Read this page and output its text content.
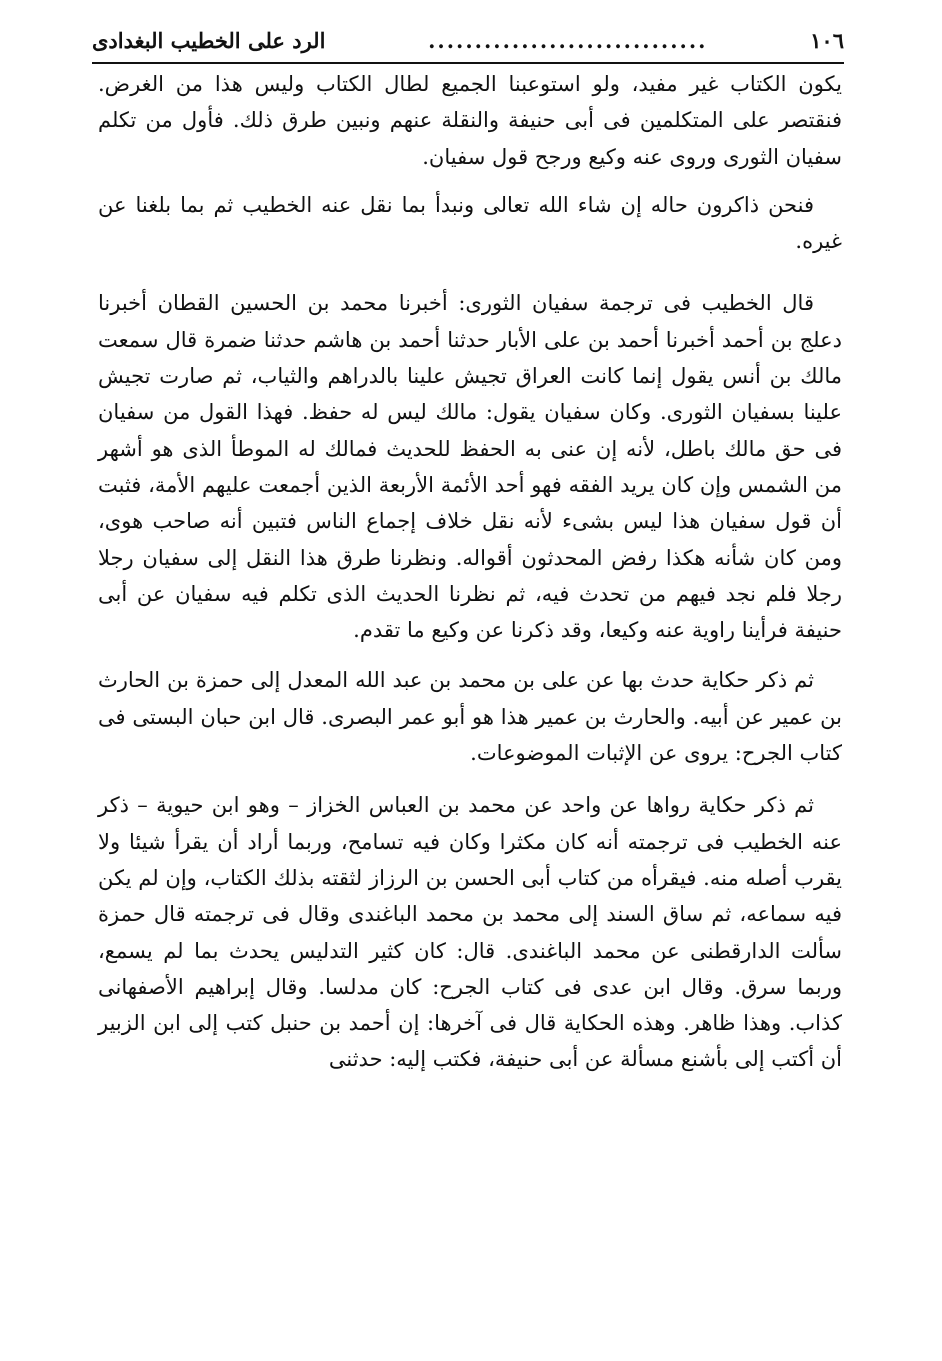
١٠٦
..............................
الرد على الخطيب البغدادى

يكون الكتاب غير مفيد، ولو استوعبنا الجميع لطال الكتاب وليس هذا من الغرض. فنقتصر على المتكلمين فى أبى حنيفة والنقلة عنهم ونبين طرق ذلك. فأول من تكلم سفيان الثورى وروى عنه وكيع ورجح قول سفيان.

فنحن ذاكرون حاله إن شاء الله تعالى ونبدأ بما نقل عنه الخطيب ثم بما بلغنا عن غيره.

قال الخطيب فى ترجمة سفيان الثورى: أخبرنا محمد بن الحسين القطان أخبرنا دعلج بن أحمد أخبرنا أحمد بن على الأبار حدثنا أحمد بن هاشم حدثنا ضمرة قال سمعت مالك بن أنس يقول إنما كانت العراق تجيش علينا بالدراهم والثياب، ثم صارت تجيش علينا بسفيان الثورى. وكان سفيان يقول: مالك ليس له حفظ. فهذا القول من سفيان فى حق مالك باطل، لأنه إن عنى به الحفظ للحديث فمالك له الموطأ الذى هو أشهر من الشمس وإن كان يريد الفقه فهو أحد الأئمة الأربعة الذين أجمعت عليهم الأمة، فثبت أن قول سفيان هذا ليس بشىء لأنه نقل خلاف إجماع الناس فتبين أنه صاحب هوى، ومن كان شأنه هكذا رفض المحدثون أقواله. ونظرنا طرق هذا النقل إلى سفيان رجلا رجلا فلم نجد فيهم من تحدث فيه، ثم نظرنا الحديث الذى تكلم فيه سفيان عن أبى حنيفة فرأينا راوية عنه وكيعا، وقد ذكرنا عن وكيع ما تقدم.

ثم ذكر حكاية حدث بها عن على بن محمد بن عبد الله المعدل إلى حمزة بن الحارث بن عمير عن أبيه. والحارث بن عمير هذا هو أبو عمر البصرى. قال ابن حبان البستى فى كتاب الجرح: يروى عن الإثبات الموضوعات.

ثم ذكر حكاية رواها عن واحد عن محمد بن العباس الخزاز – وهو ابن حيوية – ذكر عنه الخطيب فى ترجمته أنه كان مكثرا وكان فيه تسامح، وربما أراد أن يقرأ شيئا ولا يقرب أصله منه. فيقرأه من كتاب أبى الحسن بن الرزاز لثقته بذلك الكتاب، وإن لم يكن فيه سماعه، ثم ساق السند إلى محمد بن محمد الباغندى وقال فى ترجمته قال حمزة سألت الدارقطنى عن محمد الباغندى. قال: كان كثير التدليس يحدث بما لم يسمع، وربما سرق. وقال ابن عدى فى كتاب الجرح: كان مدلسا. وقال إبراهيم الأصفهانى كذاب. وهذا ظاهر. وهذه الحكاية قال فى آخرها: إن أحمد بن حنبل كتب إلى ابن الزبير أن أكتب إلى بأشنع مسألة عن أبى حنيفة، فكتب إليه: حدثنى
